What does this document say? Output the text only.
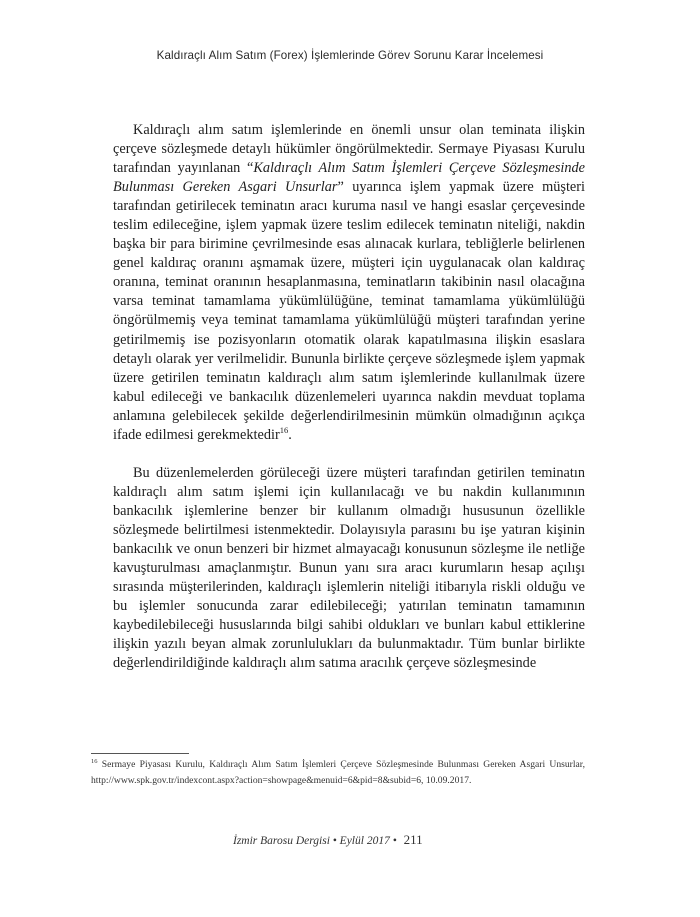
Kaldıraçlı Alım Satım (Forex) İşlemlerinde Görev Sorunu Karar İncelemesi

Kaldıraçlı alım satım işlemlerinde en önemli unsur olan teminata ilişkin çerçeve sözleşmede detaylı hükümler öngörülmektedir. Sermaye Piyasası Kurulu tarafından yayınlanan “Kaldıraçlı Alım Satım İşlemleri Çerçeve Sözleşmesinde Bulunması Gereken Asgari Unsurlar” uyarınca işlem yapmak üzere müşteri tarafından getirilecek teminatın aracı kuruma nasıl ve hangi esaslar çerçevesinde teslim edileceğine, işlem yapmak üzere teslim edilecek teminatın niteliği, nakdin başka bir para birimine çevrilmesinde esas alınacak kurlara, tebliğlerle belirlenen genel kaldıraç oranını aşmamak üzere, müşteri için uygulanacak olan kaldıraç oranına, teminat oranının hesaplanmasına, teminatların takibinin nasıl olacağına varsa teminat tamamlama yükümlülüğüne, teminat tamamlama yükümlülüğü öngörülmemiş veya teminat tamamlama yükümlülüğü müşteri tarafından yerine getirilmemiş ise pozisyonların otomatik olarak kapatılmasına ilişkin esaslara detaylı olarak yer verilmelidir. Bununla birlikte çerçeve sözleşmede işlem yapmak üzere getirilen teminatın kaldıraçlı alım satım işlemlerinde kullanılmak üzere kabul edileceği ve bankacılık düzenlemeleri uyarınca nakdin mevduat toplama anlamına gelebilecek şekilde değerlendirilmesinin mümkün olmadığının açıkça ifade edilmesi gerekmektedir$^{16}$.

Bu düzenlemelerden görüleceği üzere müşteri tarafından getirilen teminatın kaldıraçlı alım satım işlemi için kullanılacağı ve bu nakdin kullanımının bankacılık işlemlerine benzer bir kullanım olmadığı hususunun özellikle sözleşmede belirtilmesi istenmektedir. Dolayısıyla parasını bu işe yatıran kişinin bankacılık ve onun benzeri bir hizmet almayacağı konusunun sözleşme ile netliğe kavuşturulması amaçlanmıştır. Bunun yanı sıra aracı kurumların hesap açılışı sırasında müşterilerinden, kaldıraçlı işlemlerin niteliği itibarıyla riskli olduğu ve bu işlemler sonucunda zarar edilebileceği; yatırılan teminatın tamamının kaybedilebileceği hususlarında bilgi sahibi oldukları ve bunları kabul ettiklerine ilişkin yazılı beyan almak zorunlulukları da bulunmaktadır. Tüm bunlar birlikte değerlendirildiğinde kaldıraçlı alım satıma aracılık çerçeve sözleşmesinde

$^{16}$ Sermaye Piyasası Kurulu, Kaldıraçlı Alım Satım İşlemleri Çerçeve Sözleşmesinde Bulunması Gereken Asgari Unsurlar, http://www.spk.gov.tr/indexcont.aspx?action=showpage&menuid=6&pid=8&subid=6, 10.09.2017.

İzmir Barosu Dergisi • Eylül 2017 • 211
